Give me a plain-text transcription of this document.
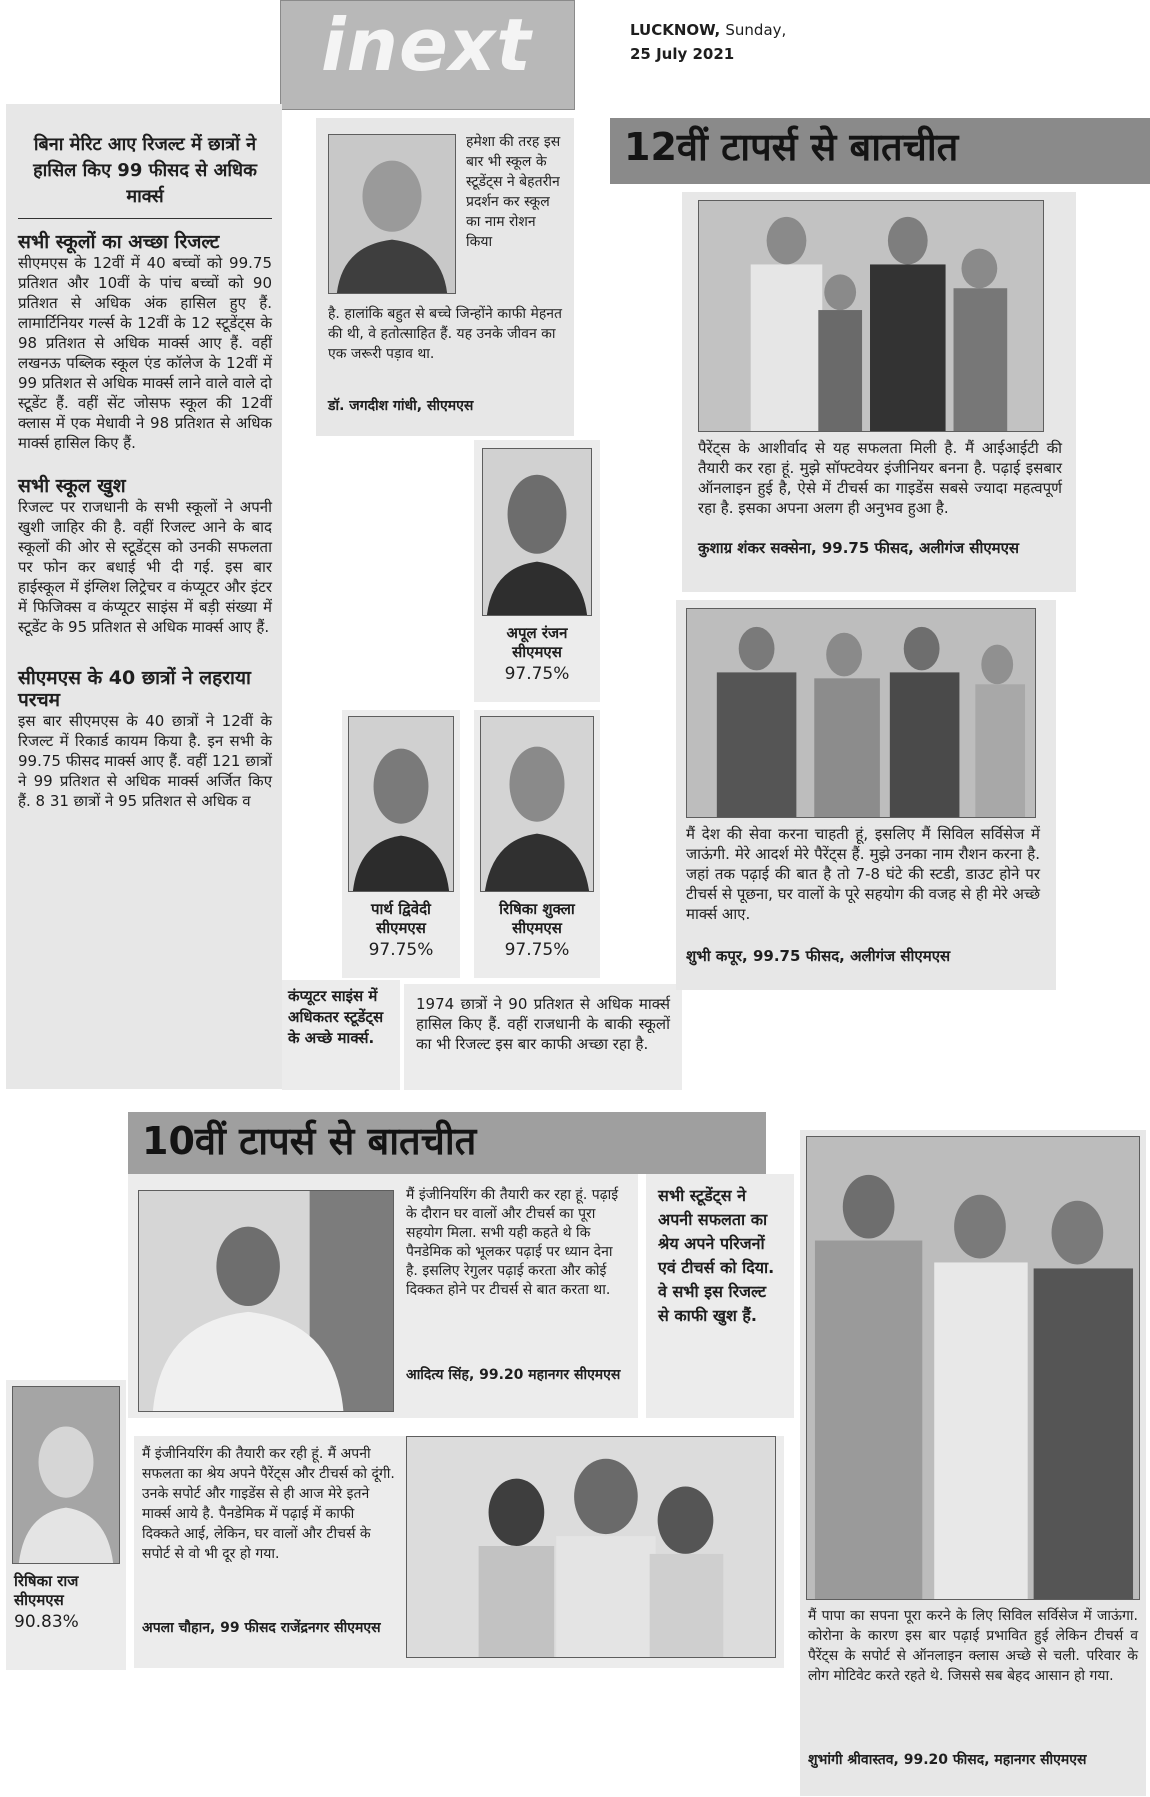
inext	LUCKNOW, Sunday,
25 July 2021

बिना मेरिट आए रिजल्ट में छात्रों ने हासिल किए 99 फीसद से अधिक मार्क्स

सभी स्कूलों का अच्छा रिजल्ट

सीएमएस के 12वीं में 40 बच्चों को 99.75 प्रतिशत और 10वीं के पांच बच्चों को 90 प्रतिशत से अधिक अंक हासिल हुए हैं. लामार्टिनियर गर्ल्स के 12वीं के 12 स्टूडेंट्स के 98 प्रतिशत से अधिक मार्क्स आए हैं. वहीं लखनऊ पब्लिक स्कूल एंड कॉलेज के 12वीं में 99 प्रतिशत से अधिक मार्क्स लाने वाले वाले दो स्टूडेंट हैं. वहीं सेंट जोसफ स्कूल की 12वीं क्लास में एक मेधावी ने 98 प्रतिशत से अधिक मार्क्स हासिल किए हैं.

सभी स्कूल खुश

रिजल्ट पर राजधानी के सभी स्कूलों ने अपनी खुशी जाहिर की है. वहीं रिजल्ट आने के बाद स्कूलों की ओर से स्टूडेंट्स को उनकी सफलता पर फोन कर बधाई भी दी गई. इस बार हाईस्कूल में इंग्लिश लिट्रेचर व कंप्यूटर और इंटर में फिजिक्स व कंप्यूटर साइंस में बड़ी संख्या में स्टूडेंट के 95 प्रतिशत से अधिक मार्क्स आए हैं.

सीएमएस के 40 छात्रों ने लहराया परचम

इस बार सीएमएस के 40 छात्रों ने 12वीं के रिजल्ट में रिकार्ड कायम किया है. इन सभी के 99.75 फीसद मार्क्स आए हैं. वहीं 121 छात्रों ने 99 प्रतिशत से अधिक मार्क्स अर्जित किए हैं. 8 31 छात्रों ने 95 प्रतिशत से अधिक व

हमेशा की तरह इस बार भी स्कूल के स्टूडेंट्स ने बेहतरीन प्रदर्शन कर स्कूल का नाम रोशन किया

है. हालांकि बहुत से बच्चे जिन्होंने काफी मेहनत की थी, वे हतोत्साहित हैं. यह उनके जीवन का एक जरूरी पड़ाव था.

डॉ. जगदीश गांधी, सीएमएस

अपूल रंजन
सीएमएस
97.75%
पार्थ द्विवेदी
सीएमएस
97.75%
रिषिका शुक्ला
सीएमएस
97.75%

कंप्यूटर साइंस में अधिकतर स्टूडेंट्स के अच्छे मार्क्स.

1974 छात्रों ने 90 प्रतिशत से अधिक मार्क्स हासिल किए हैं. वहीं राजधानी के बाकी स्कूलों का भी रिजल्ट इस बार काफी अच्छा रहा है.

12वीं टापर्स से बातचीत

पैरेंट्स के आशीर्वाद से यह सफलता मिली है. मैं आईआईटी की तैयारी कर रहा हूं. मुझे सॉफ्टवेयर इंजीनियर बनना है. पढ़ाई इसबार ऑनलाइन हुई है, ऐसे में टीचर्स का गाइडेंस सबसे ज्यादा महत्वपूर्ण रहा है. इसका अपना अलग ही अनुभव हुआ है.

कुशाग्र शंकर सक्सेना, 99.75 फीसद, अलीगंज सीएमएस

मैं देश की सेवा करना चाहती हूं, इसलिए मैं सिविल सर्विसेज में जाऊंगी. मेरे आदर्श मेरे पैरेंट्स हैं. मुझे उनका नाम रौशन करना है. जहां तक पढ़ाई की बात है तो 7-8 घंटे की स्टडी, डाउट होने पर टीचर्स से पूछना, घर वालों के पूरे सहयोग की वजह से ही मेरे अच्छे मार्क्स आए.

शुभी कपूर, 99.75 फीसद, अलीगंज सीएमएस

10वीं टापर्स से बातचीत

मैं इंजीनियरिंग की तैयारी कर रहा हूं. पढ़ाई के दौरान घर वालों और टीचर्स का पूरा सहयोग मिला. सभी यही कहते थे कि पैनडेमिक को भूलकर पढ़ाई पर ध्यान देना है. इसलिए रेगुलर पढ़ाई करता और कोई दिक्कत होने पर टीचर्स से बात करता था.

आदित्य सिंह, 99.20 महानगर सीएमएस

सभी स्टूडेंट्स ने अपनी सफलता का श्रेय अपने परिजनों एवं टीचर्स को दिया. वे सभी इस रिजल्ट से काफी खुश हैं.

मैं पापा का सपना पूरा करने के लिए सिविल सर्विसेज में जाऊंगा. कोरोना के कारण इस बार पढ़ाई प्रभावित हुई लेकिन टीचर्स व पैरेंट्स के सपोर्ट से ऑनलाइन क्लास अच्छे से चली. परिवार के लोग मोटिवेट करते रहते थे. जिससे सब बेहद आसान हो गया.

शुभांगी श्रीवास्तव, 99.20 फीसद, महानगर सीएमएस

रिषिका राज
सीएमएस
90.83%

मैं इंजीनियरिंग की तैयारी कर रही हूं. मैं अपनी सफलता का श्रेय अपने पैरेंट्स और टीचर्स को दूंगी. उनके सपोर्ट और गाइडेंस से ही आज मेरे इतने मार्क्स आये है. पैनडेमिक में पढ़ाई में काफी दिक्कते आई, लेकिन, घर वालों और टीचर्स के सपोर्ट से वो भी दूर हो गया.

अपला चौहान, 99 फीसद राजेंद्रनगर सीएमएस
